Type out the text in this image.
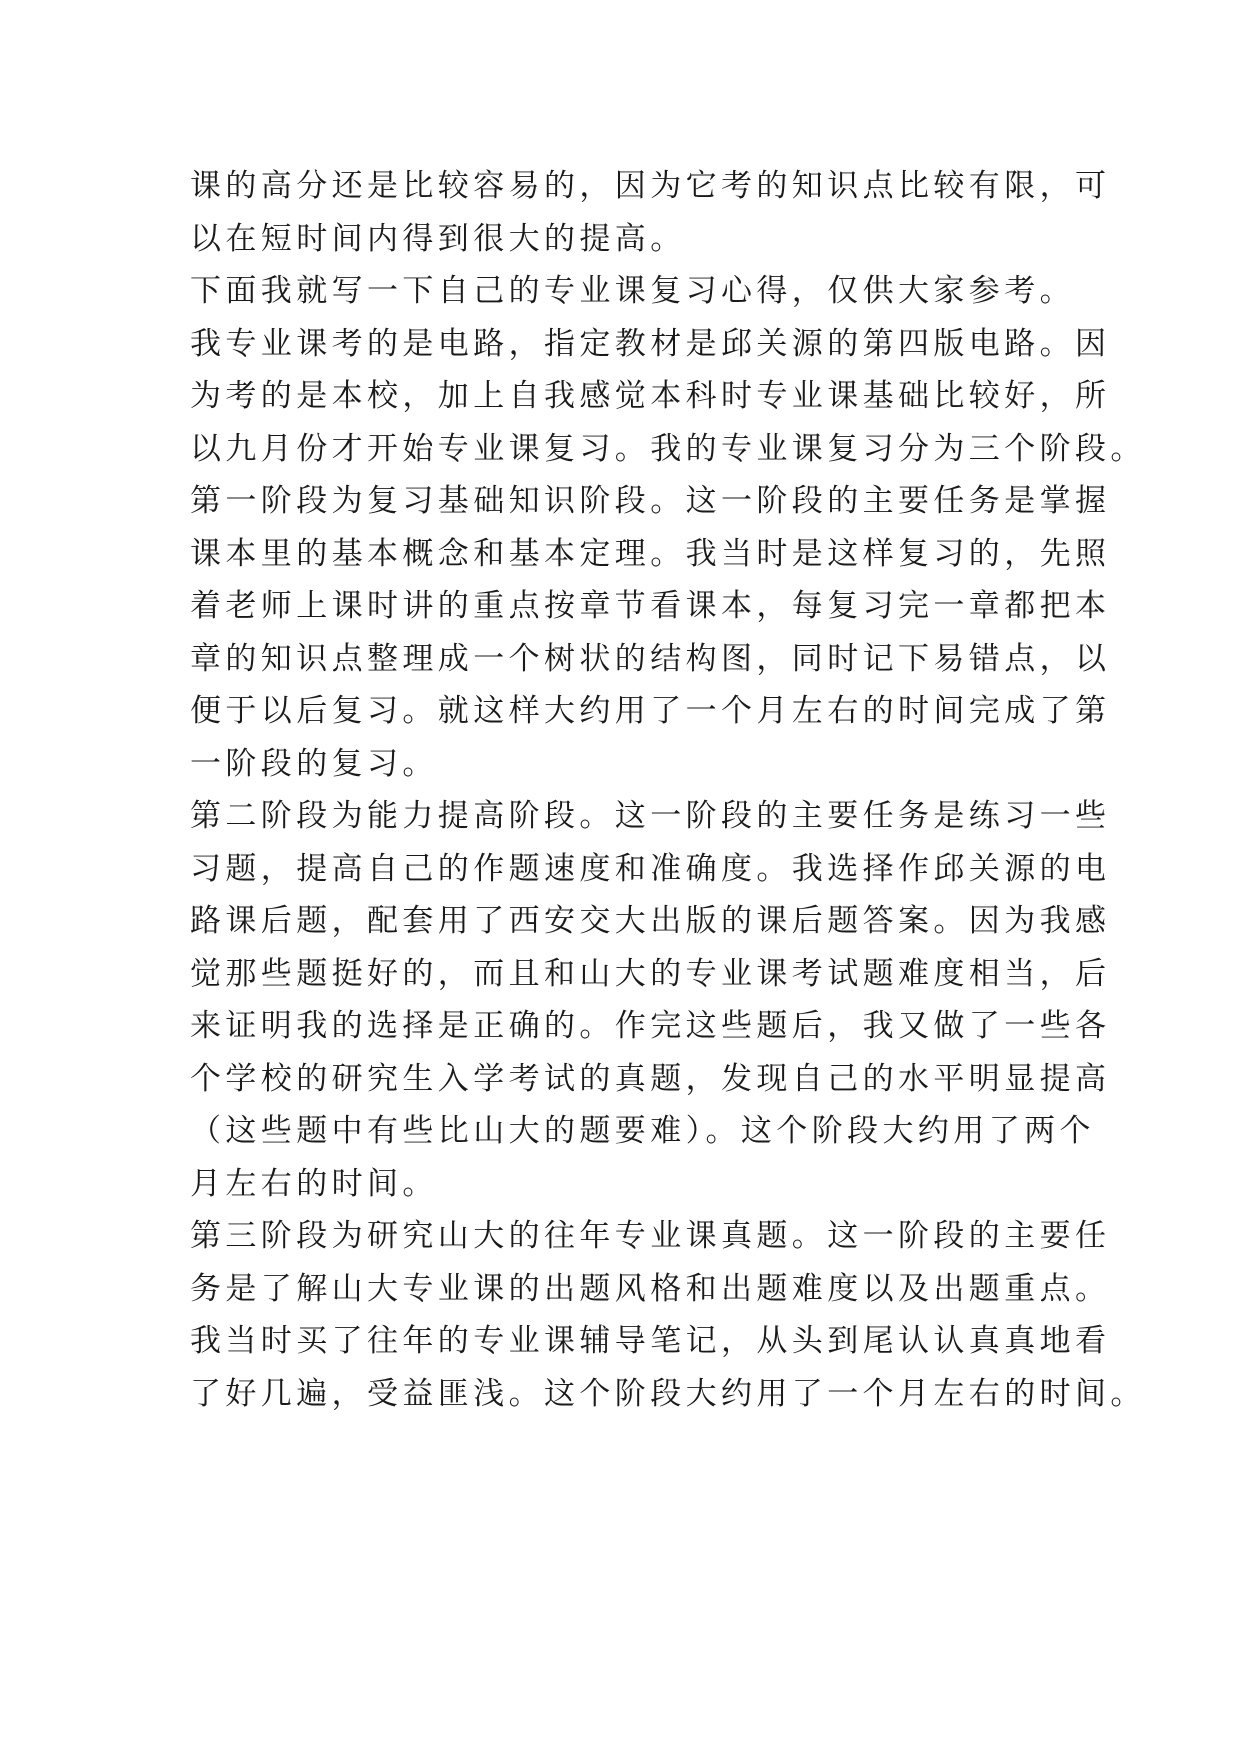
课的高分还是比较容易的，因为它考的知识点比较有限，可
以在短时间内得到很大的提高。
下面我就写一下自己的专业课复习心得，仅供大家参考。
我专业课考的是电路，指定教材是邱关源的第四版电路。因
为考的是本校，加上自我感觉本科时专业课基础比较好，所
以九月份才开始专业课复习。我的专业课复习分为三个阶段。
第一阶段为复习基础知识阶段。这一阶段的主要任务是掌握
课本里的基本概念和基本定理。我当时是这样复习的，先照
着老师上课时讲的重点按章节看课本，每复习完一章都把本
章的知识点整理成一个树状的结构图，同时记下易错点，以
便于以后复习。就这样大约用了一个月左右的时间完成了第
一阶段的复习。
第二阶段为能力提高阶段。这一阶段的主要任务是练习一些
习题，提高自己的作题速度和准确度。我选择作邱关源的电
路课后题，配套用了西安交大出版的课后题答案。因为我感
觉那些题挺好的，而且和山大的专业课考试题难度相当，后
来证明我的选择是正确的。作完这些题后，我又做了一些各
个学校的研究生入学考试的真题，发现自己的水平明显提高
（这些题中有些比山大的题要难）。这个阶段大约用了两个
月左右的时间。
第三阶段为研究山大的往年专业课真题。这一阶段的主要任
务是了解山大专业课的出题风格和出题难度以及出题重点。
我当时买了往年的专业课辅导笔记，从头到尾认认真真地看
了好几遍，受益匪浅。这个阶段大约用了一个月左右的时间。
